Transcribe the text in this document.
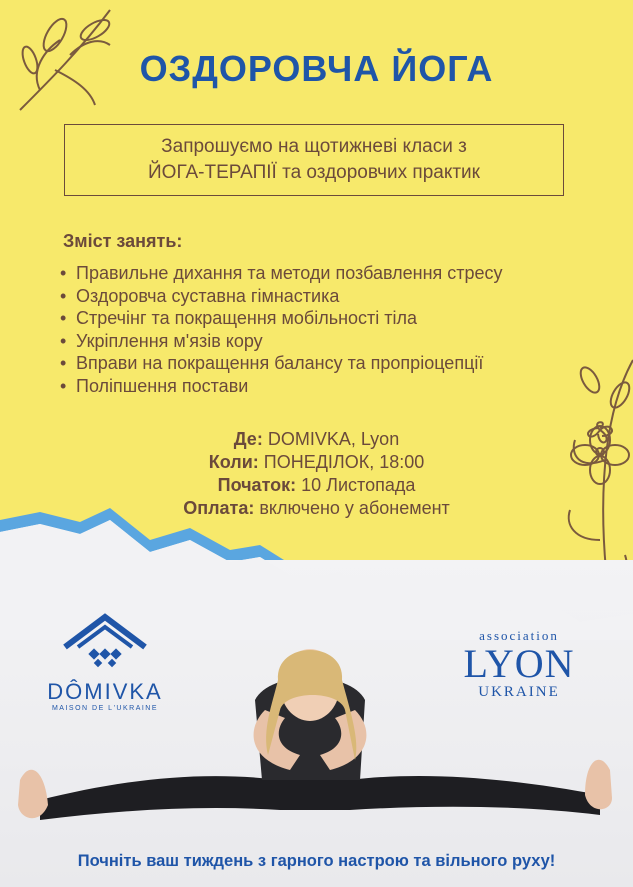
ОЗДОРОВЧА ЙОГА
Запрошуємо на щотижневі класи з
ЙОГА-ТЕРАПІЇ та оздоровчих практик
Зміст занять:
• Правильне дихання та методи позбавлення стресу
• Оздоровча суставна гімнастика
• Стречінг та покращення мобільності тіла
• Укріплення м'язів кору
• Вправи на покращення балансу та пропріоцепції
• Поліпшення постави
Де: DOMIVKA, Lyon
Коли: ПОНЕДІЛОК, 18:00
Початок: 10 Листопада
Оплата: включено у абонемент
DÔMIVKA
MAISON DE L'UKRAINE
association
LYON
UKRAINE
Почніть ваш тиждень з гарного настрою та вільного руху!
